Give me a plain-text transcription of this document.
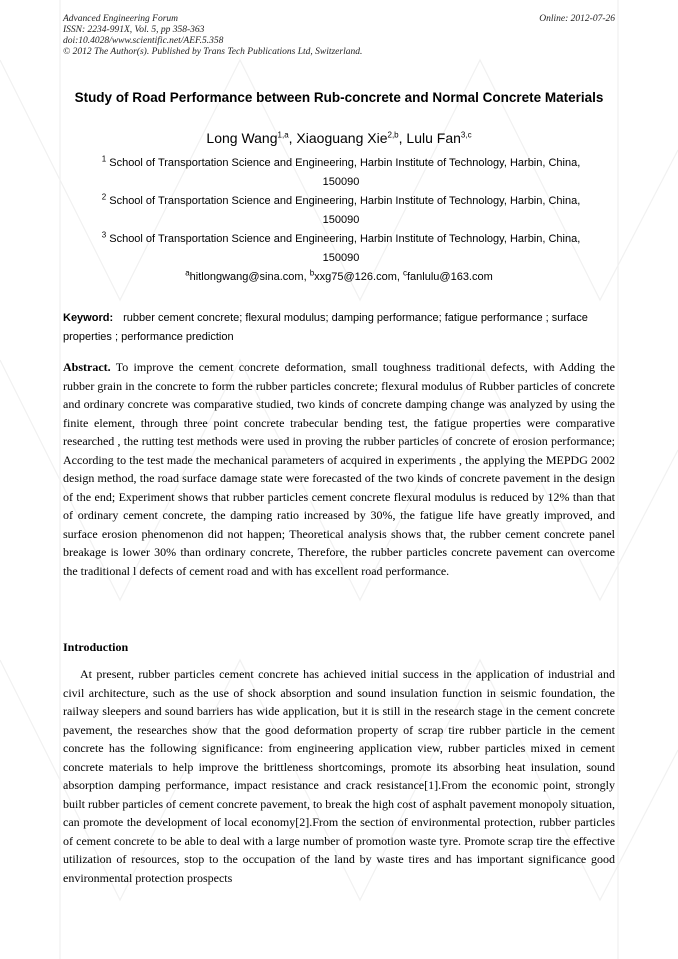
Advanced Engineering Forum
ISSN: 2234-991X, Vol. 5, pp 358-363
doi:10.4028/www.scientific.net/AEF.5.358
© 2012 The Author(s). Published by Trans Tech Publications Ltd, Switzerland.
Online: 2012-07-26
Study of Road Performance between Rub-concrete and Normal Concrete Materials
Long Wang$^{1,a}$, Xiaoguang Xie$^{2,b}$, Lulu Fan$^{3,c}$
$^1$ School of Transportation Science and Engineering, Harbin Institute of Technology, Harbin, China, 150090
$^2$ School of Transportation Science and Engineering, Harbin Institute of Technology, Harbin, China, 150090
$^3$ School of Transportation Science and Engineering, Harbin Institute of Technology, Harbin, China, 150090
$^a$hitlongwang@sina.com, $^b$xxg75@126.com, $^c$fanlulu@163.com
Keyword: rubber cement concrete; flexural modulus; damping performance; fatigue performance ; surface properties ; performance prediction
Abstract. To improve the cement concrete deformation, small toughness traditional defects, with Adding the rubber grain in the concrete to form the rubber particles concrete; flexural modulus of Rubber particles of concrete and ordinary concrete was comparative studied, two kinds of concrete damping change was analyzed by using the finite element, through three point concrete trabecular bending test, the fatigue properties were comparative researched , the rutting test methods were used in proving the rubber particles of concrete of erosion performance; According to the test made the mechanical parameters of acquired in experiments , the applying the MEPDG 2002 design method, the road surface damage state were forecasted of the two kinds of concrete pavement in the design of the end; Experiment shows that rubber particles cement concrete flexural modulus is reduced by 12% than that of ordinary cement concrete, the damping ratio increased by 30%, the fatigue life have greatly improved, and surface erosion phenomenon did not happen; Theoretical analysis shows that, the rubber cement concrete panel breakage is lower 30% than ordinary concrete, Therefore, the rubber particles concrete pavement can overcome the traditional l defects of cement road and with has excellent road performance.
Introduction
At present, rubber particles cement concrete has achieved initial success in the application of industrial and civil architecture, such as the use of shock absorption and sound insulation function in seismic foundation, the railway sleepers and sound barriers has wide application, but it is still in the research stage in the cement concrete pavement, the researches show that the good deformation property of scrap tire rubber particle in the cement concrete has the following significance: from engineering application view, rubber particles mixed in cement concrete materials to help improve the brittleness shortcomings, promote its absorbing heat insulation, sound absorption damping performance, impact resistance and crack resistance[1].From the economic point, strongly built rubber particles of cement concrete pavement, to break the high cost of asphalt pavement monopoly situation, can promote the development of local economy[2].From the section of environmental protection, rubber particles of cement concrete to be able to deal with a large number of promotion waste tyre. Promote scrap tire the effective utilization of resources, stop to the occupation of the land by waste tires and has important significance good environmental protection prospects
